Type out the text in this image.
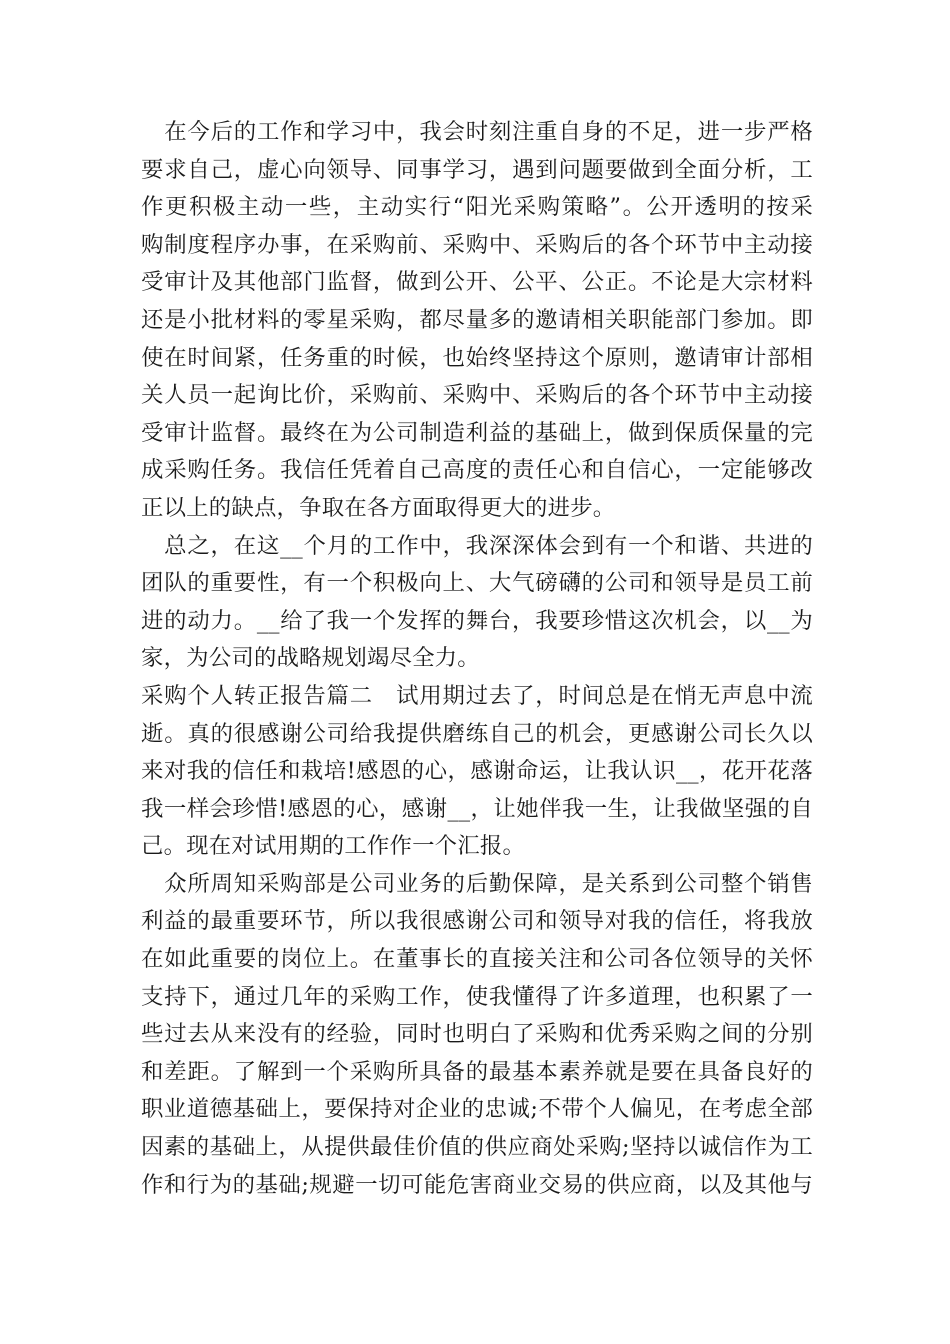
　在今后的工作和学习中，我会时刻注重自身的不足，进一步严格
要求自己，虚心向领导、同事学习，遇到问题要做到全面分析，工
作更积极主动一些，主动实行“阳光采购策略”。公开透明的按采
购制度程序办事，在采购前、采购中、采购后的各个环节中主动接
受审计及其他部门监督，做到公开、公平、公正。不论是大宗材料
还是小批材料的零星采购，都尽量多的邀请相关职能部门参加。即
使在时间紧，任务重的时候，也始终坚持这个原则，邀请审计部相
关人员一起询比价，采购前、采购中、采购后的各个环节中主动接
受审计监督。最终在为公司制造利益的基础上，做到保质保量的完
成采购任务。我信任凭着自己高度的责任心和自信心，一定能够改
正以上的缺点，争取在各方面取得更大的进步。
　总之，在这__个月的工作中，我深深体会到有一个和谐、共进的
团队的重要性，有一个积极向上、大气磅礴的公司和领导是员工前
进的动力。__给了我一个发挥的舞台，我要珍惜这次机会，以__为
家，为公司的战略规划竭尽全力。
采购个人转正报告篇二　试用期过去了，时间总是在悄无声息中流
逝。真的很感谢公司给我提供磨练自己的机会，更感谢公司长久以
来对我的信任和栽培!感恩的心，感谢命运，让我认识__，花开花落
我一样会珍惜!感恩的心，感谢__，让她伴我一生，让我做坚强的自
己。现在对试用期的工作作一个汇报。
　众所周知采购部是公司业务的后勤保障，是关系到公司整个销售
利益的最重要环节，所以我很感谢公司和领导对我的信任，将我放
在如此重要的岗位上。在董事长的直接关注和公司各位领导的关怀
支持下，通过几年的采购工作，使我懂得了许多道理，也积累了一
些过去从来没有的经验，同时也明白了采购和优秀采购之间的分别
和差距。了解到一个采购所具备的最基本素养就是要在具备良好的
职业道德基础上，要保持对企业的忠诚;不带个人偏见，在考虑全部
因素的基础上，从提供最佳价值的供应商处采购;坚持以诚信作为工
作和行为的基础;规避一切可能危害商业交易的供应商，以及其他与
